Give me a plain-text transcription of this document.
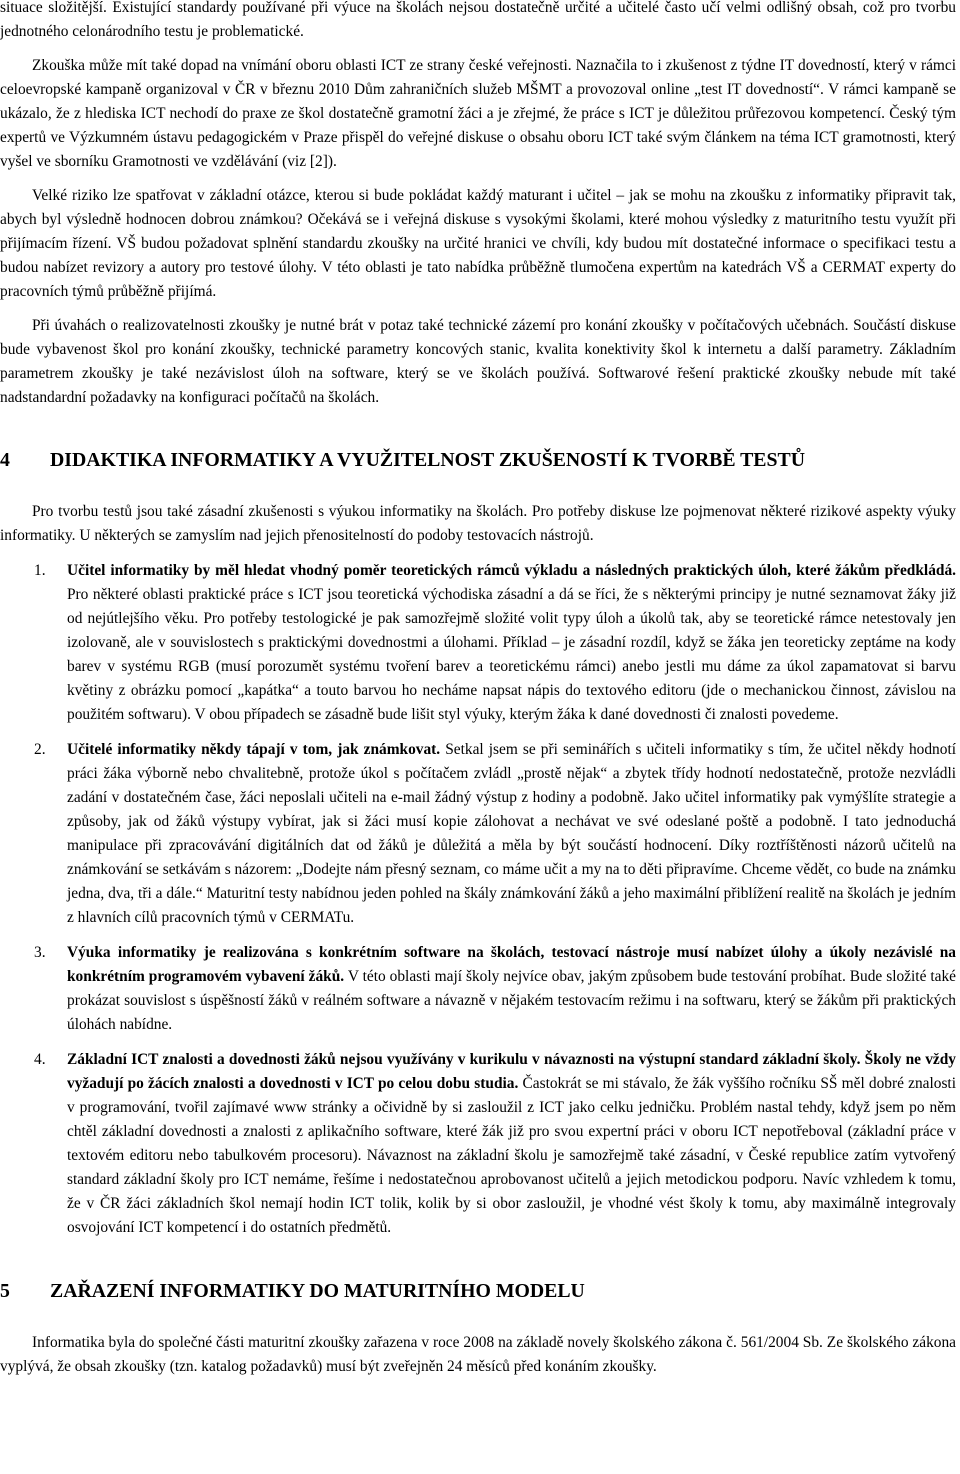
situace složitější. Existující standardy používané při výuce na školách nejsou dostatečně určité a učitelé často učí velmi odlišný obsah, což pro tvorbu jednotného celonárodního testu je problematické.

Zkouška může mít také dopad na vnímání oboru oblasti ICT ze strany české veřejnosti. Naznačila to i zkušenost z týdne IT dovedností, který v rámci celoevropské kampaně organizoval v ČR v březnu 2010 Dům zahraničních služeb MŠMT a provozoval online „test IT dovedností“. V rámci kampaně se ukázalo, že z hlediska ICT nechodí do praxe ze škol dostatečně gramotní žáci a je zřejmé, že práce s ICT je důležitou průřezovou kompetencí. Český tým expertů ve Výzkumném ústavu pedagogickém v Praze přispěl do veřejné diskuse o obsahu oboru ICT také svým článkem na téma ICT gramotnosti, který vyšel ve sborníku Gramotnosti ve vzdělávání (viz [2]).

Velké riziko lze spatřovat v základní otázce, kterou si bude pokládat každý maturant i učitel – jak se mohu na zkoušku z informatiky připravit tak, abych byl výsledně hodnocen dobrou známkou? Očekává se i veřejná diskuse s vysokými školami, které mohou výsledky z maturitního testu využít při přijímacím řízení. VŠ budou požadovat splnění standardu zkoušky na určité hranici ve chvíli, kdy budou mít dostatečné informace o specifikaci testu a budou nabízet revizory a autory pro testové úlohy. V této oblasti je tato nabídka průběžně tlumočena expertům na katedrách VŠ a CERMAT experty do pracovních týmů průběžně přijímá.

Při úvahách o realizovatelnosti zkoušky je nutné brát v potaz také technické zázemí pro konání zkoušky v počítačových učebnách. Součástí diskuse bude vybavenost škol pro konání zkoušky, technické parametry koncových stanic, kvalita konektivity škol k internetu a další parametry. Základním parametrem zkoušky je také nezávislost úloh na software, který se ve školách používá. Softwarové řešení praktické zkoušky nebude mít také nadstandardní požadavky na konfiguraci počítačů na školách.

4 DIDAKTIKA INFORMATIKY A VYUŽITELNOST ZKUŠENOSTÍ K TVORBĚ TESTŮ

Pro tvorbu testů jsou také zásadní zkušenosti s výukou informatiky na školách. Pro potřeby diskuse lze pojmenovat některé rizikové aspekty výuky informatiky. U některých se zamyslím nad jejich přenositelností do podoby testovacích nástrojů.

1. Učitel informatiky by měl hledat vhodný poměr teoretických rámců výkladu a následných praktických úloh, které žákům předkládá. Pro některé oblasti praktické práce s ICT jsou teoretická východiska zásadní a dá se říci, že s některými principy je nutné seznamovat žáky již od nejútlejšího věku. Pro potřeby testologické je pak samozřejmě složité volit typy úloh a úkolů tak, aby se teoretické rámce netestovaly jen izolovaně, ale v souvislostech s praktickými dovednostmi a úlohami. Příklad – je zásadní rozdíl, když se žáka jen teoreticky zeptáme na kody barev v systému RGB (musí porozumět systému tvoření barev a teoretickému rámci) anebo jestli mu dáme za úkol zapamatovat si barvu květiny z obrázku pomocí „kapátka“ a touto barvou ho necháme napsat nápis do textového editoru (jde o mechanickou činnost, závislou na použitém softwaru). V obou případech se zásadně bude lišit styl výuky, kterým žáka k dané dovednosti či znalosti povedeme.
2. Učitelé informatiky někdy tápají v tom, jak známkovat. Setkal jsem se při seminářích s učiteli informatiky s tím, že učitel někdy hodnotí práci žáka výborně nebo chvalitebně, protože úkol s počítačem zvládl „prostě nějak“ a zbytek třídy hodnotí nedostatečně, protože nezvládli zadání v dostatečném čase, žáci neposlali učiteli na e-mail žádný výstup z hodiny a podobně. Jako učitel informatiky pak vymýšlíte strategie a způsoby, jak od žáků výstupy vybírat, jak si žáci musí kopie zálohovat a nechávat ve své odeslané poště a podobně. I tato jednoduchá manipulace při zpracovávání digitálních dat od žáků je důležitá a měla by být součástí hodnocení. Díky roztříštěnosti názorů učitelů na známkování se setkávám s názorem: „Dodejte nám přesný seznam, co máme učit a my na to děti připravíme. Chceme vědět, co bude na známku jedna, dva, tři a dále.“ Maturitní testy nabídnou jeden pohled na škály známkování žáků a jeho maximální přiblížení realitě na školách je jedním z hlavních cílů pracovních týmů v CERMATu.
3. Výuka informatiky je realizována s konkrétním software na školách, testovací nástroje musí nabízet úlohy a úkoly nezávislé na konkrétním programovém vybavení žáků. V této oblasti mají školy nejvíce obav, jakým způsobem bude testování probíhat. Bude složité také prokázat souvislost s úspěšností žáků v reálném software a návazně v nějakém testovacím režimu i na softwaru, který se žákům při praktických úlohách nabídne.
4. Základní ICT znalosti a dovednosti žáků nejsou využívány v kurikulu v návaznosti na výstupní standard základní školy. Školy ne vždy vyžadují po žácích znalosti a dovednosti v ICT po celou dobu studia. Častokrát se mi stávalo, že žák vyššího ročníku SŠ měl dobré znalosti v programování, tvořil zajímavé www stránky a očividně by si zasloužil z ICT jako celku jedničku. Problém nastal tehdy, když jsem po něm chtěl základní dovednosti a znalosti z aplikačního software, které žák již pro svou expertní práci v oboru ICT nepotřeboval (základní práce v textovém editoru nebo tabulkovém procesoru). Návaznost na základní školu je samozřejmě také zásadní, v České republice zatím vytvořený standard základní školy pro ICT nemáme, řešíme i nedostatečnou aprobovanost učitelů a jejich metodickou podporu. Navíc vzhledem k tomu, že v ČR žáci základních škol nemají hodin ICT tolik, kolik by si obor zasloužil, je vhodné vést školy k tomu, aby maximálně integrovaly osvojování ICT kompetencí i do ostatních předmětů.
5 ZAŘAZENÍ INFORMATIKY DO MATURITNÍHO MODELU

Informatika byla do společné části maturitní zkoušky zařazena v roce 2008 na základě novely školského zákona č. 561/2004 Sb. Ze školského zákona vyplývá, že obsah zkoušky (tzn. katalog požadavků) musí být zveřejněn 24 měsíců před konáním zkoušky.
